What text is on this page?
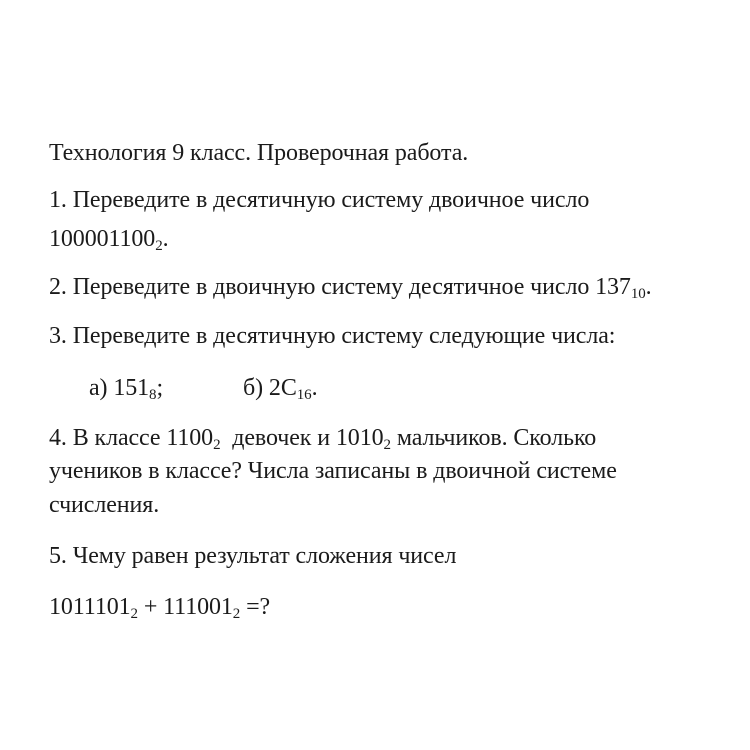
Технология 9 класс. Проверочная работа.
1. Переведите в десятичную систему двоичное число
$100001100_2$.
2. Переведите в двоичную систему десятичное число $137_{10}$.
3. Переведите в десятичную систему следующие числа:
а) $151_8$;	б) $2С_{16}$.
4. В классе $1100_2$  девочек и $1010_2$ мальчиков. Сколько
учеников в классе? Числа записаны в двоичной системе
счисления.
5. Чему равен результат сложения чисел
$1011101_2 + 111001_2$ =?
